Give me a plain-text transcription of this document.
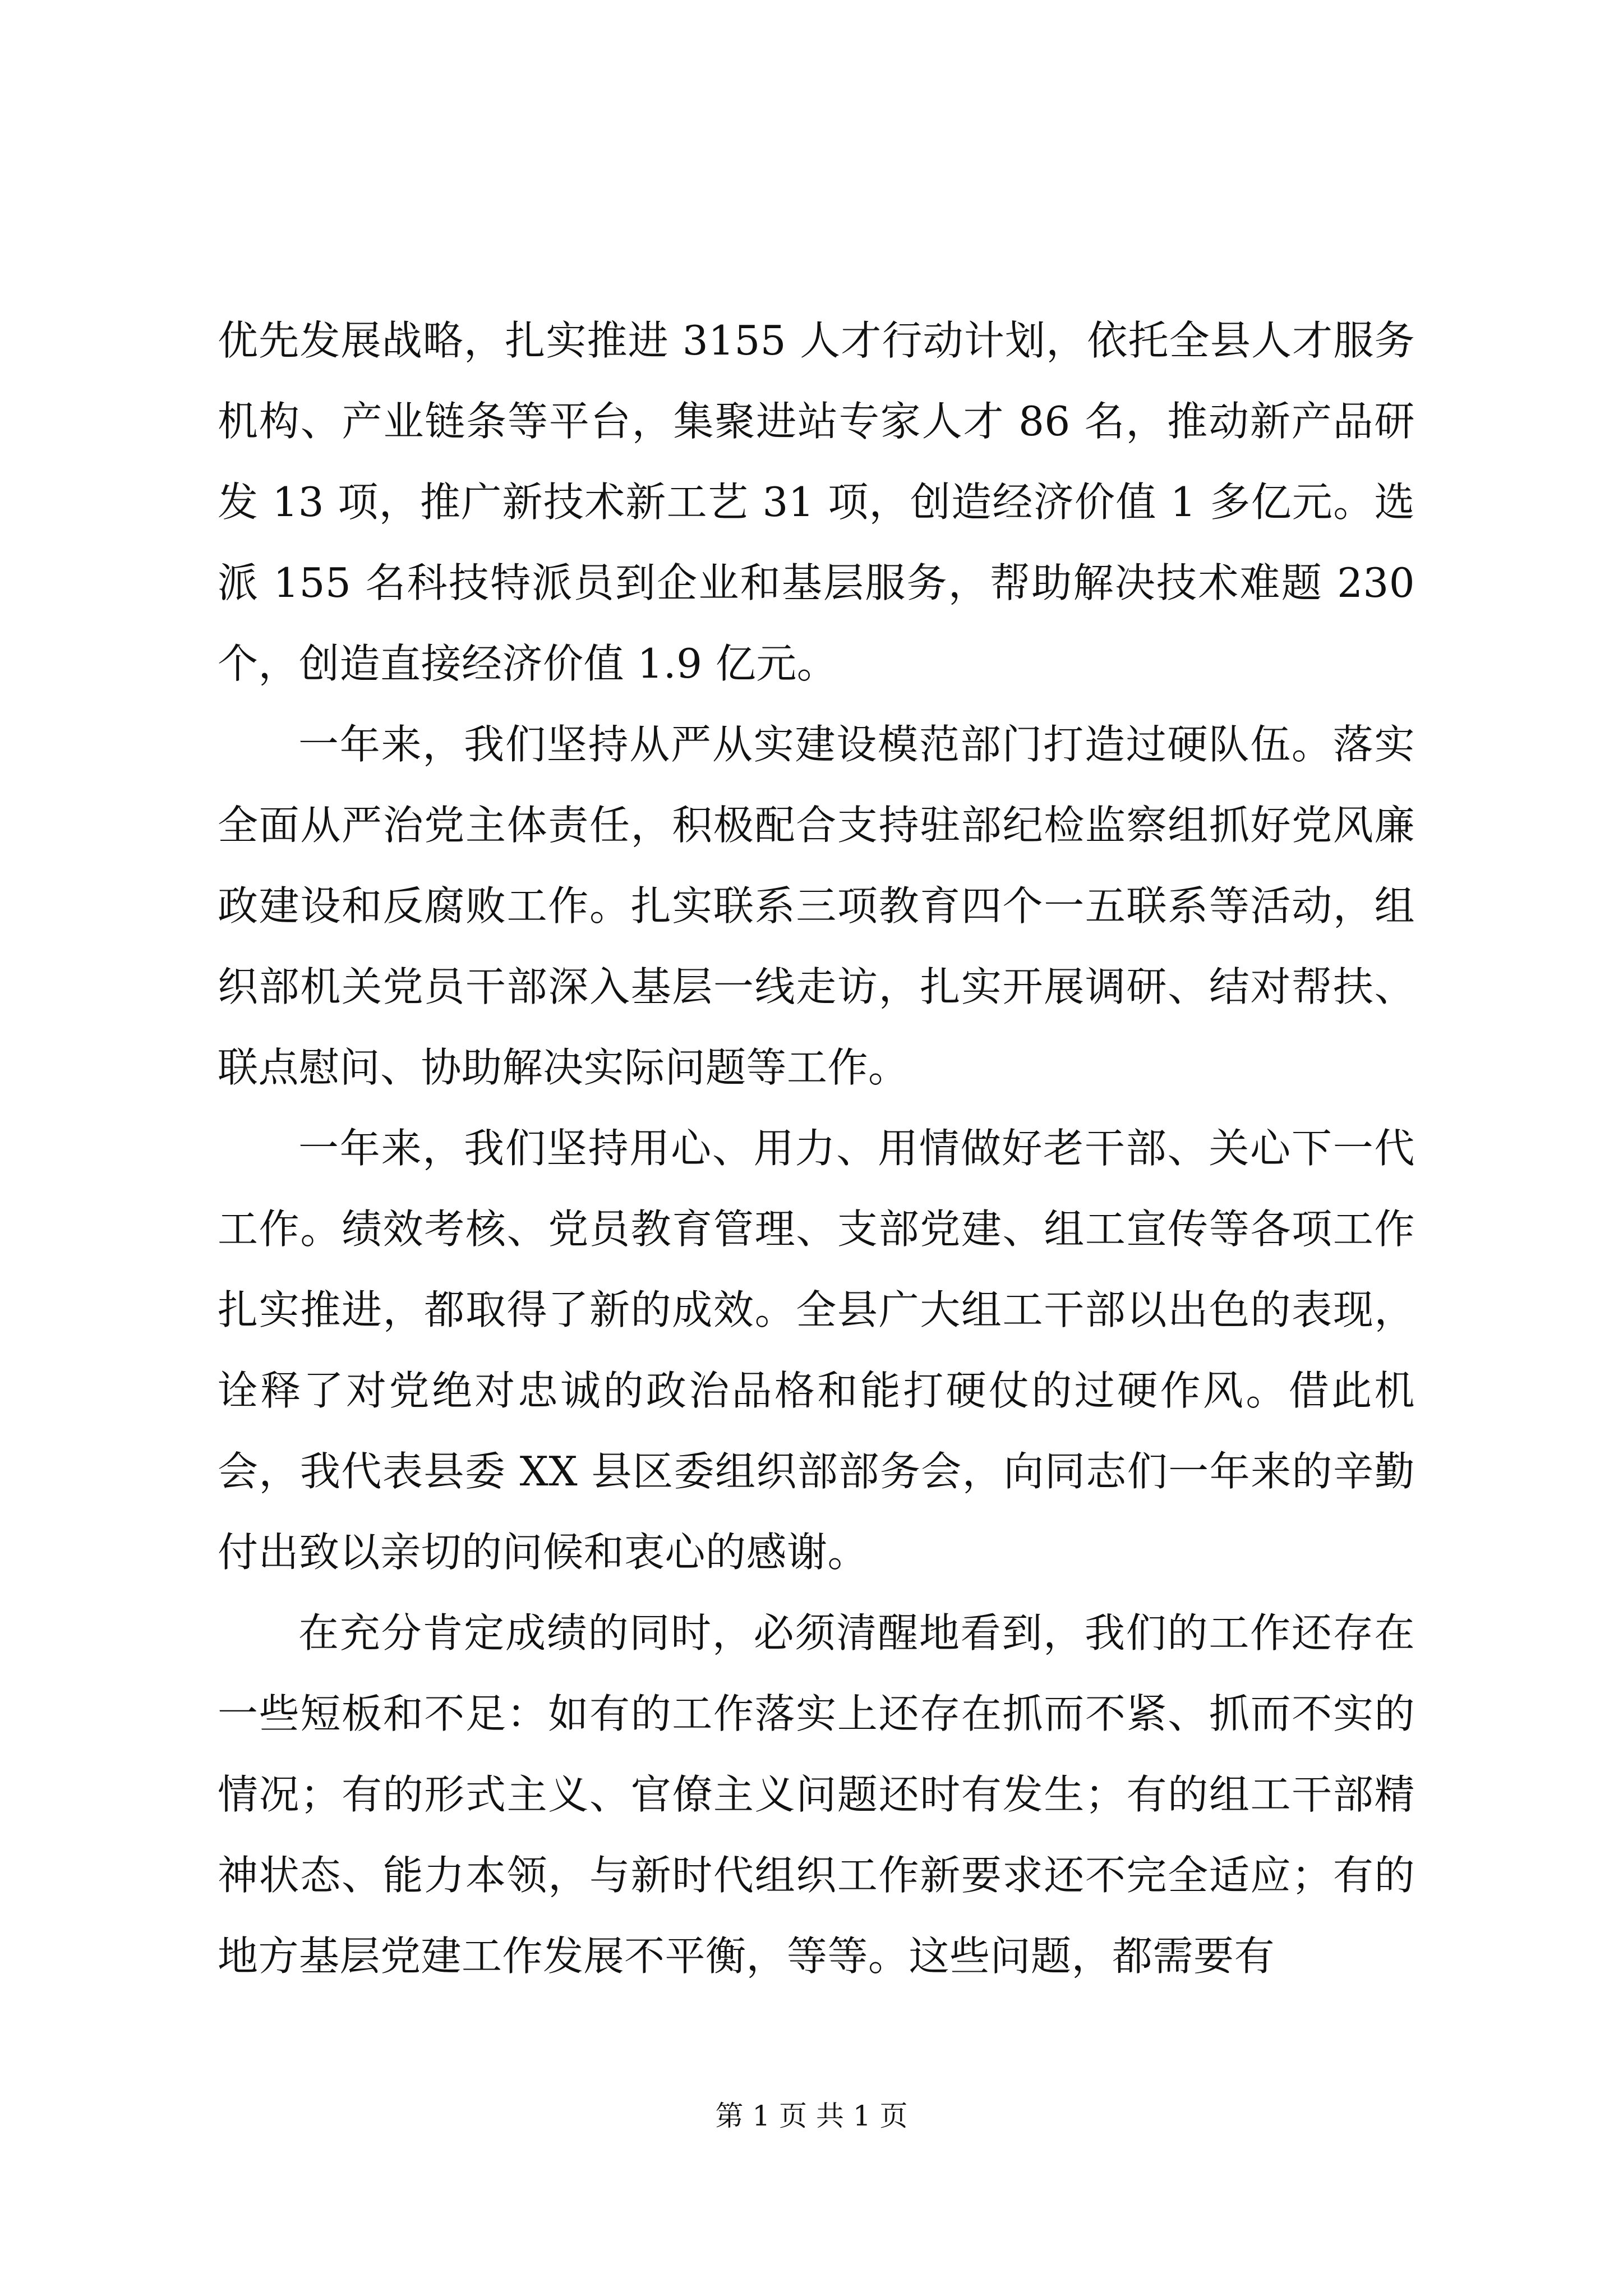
优先发展战略，扎实推进 3155 人才行动计划，依托全县人才服务机构、产业链条等平台，集聚进站专家人才 86 名，推动新产品研发 13 项，推广新技术新工艺 31 项，创造经济价值 1 多亿元。选派 155 名科技特派员到企业和基层服务，帮助解决技术难题 230 个，创造直接经济价值 1.9 亿元。

一年来，我们坚持从严从实建设模范部门打造过硬队伍。落实全面从严治党主体责任，积极配合支持驻部纪检监察组抓好党风廉政建设和反腐败工作。扎实联系三项教育四个一五联系等活动，组织部机关党员干部深入基层一线走访，扎实开展调研、结对帮扶、联点慰问、协助解决实际问题等工作。

一年来，我们坚持用心、用力、用情做好老干部、关心下一代工作。绩效考核、党员教育管理、支部党建、组工宣传等各项工作扎实推进，都取得了新的成效。全县广大组工干部以出色的表现，诠释了对党绝对忠诚的政治品格和能打硬仗的过硬作风。借此机会，我代表县委 XX 县区委组织部部务会，向同志们一年来的辛勤付出致以亲切的问候和衷心的感谢。

在充分肯定成绩的同时，必须清醒地看到，我们的工作还存在一些短板和不足：如有的工作落实上还存在抓而不紧、抓而不实的情况；有的形式主义、官僚主义问题还时有发生；有的组工干部精神状态、能力本领，与新时代组织工作新要求还不完全适应；有的地方基层党建工作发展不平衡，等等。这些问题，都需要有

第 1 页 共 1 页
